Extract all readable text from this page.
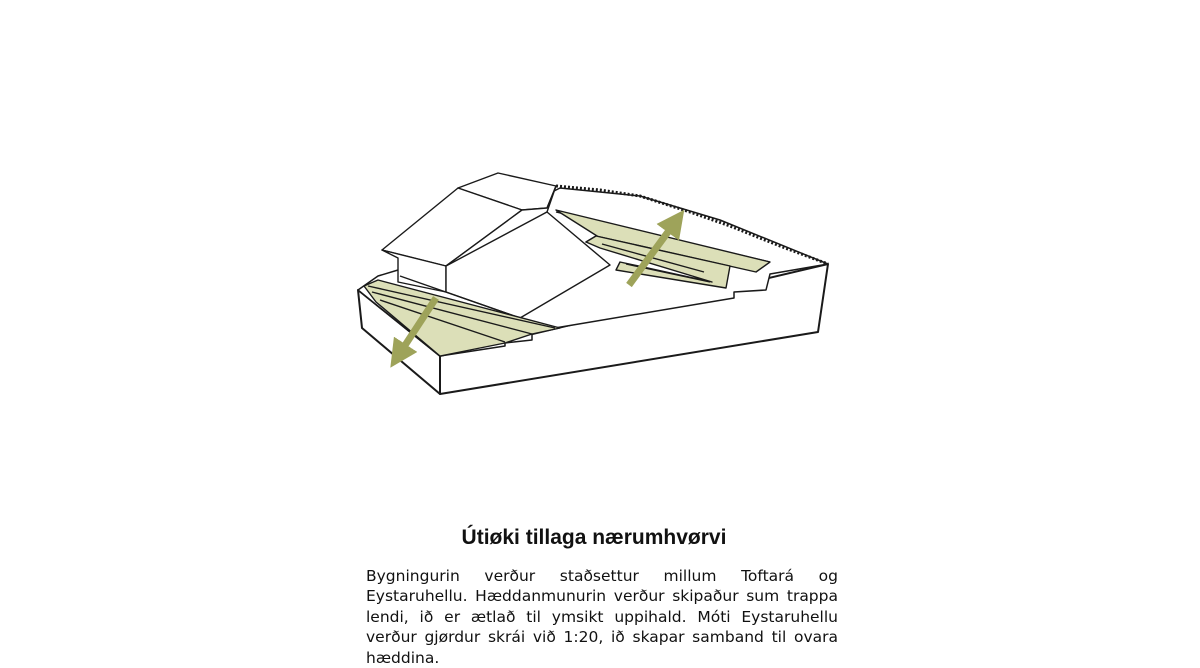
Útiøki tillaga nærumhvørvi

Bygningurin verður staðsettur millum Toftará og Eystaruhellu. Hæddanmunurin verður skipaður sum trappa lendi, ið er ætlað til ymsikt uppihald. Móti Eystaruhellu verður gjørdur skrái við 1:20, ið skapar samband til ovara hæddina.
